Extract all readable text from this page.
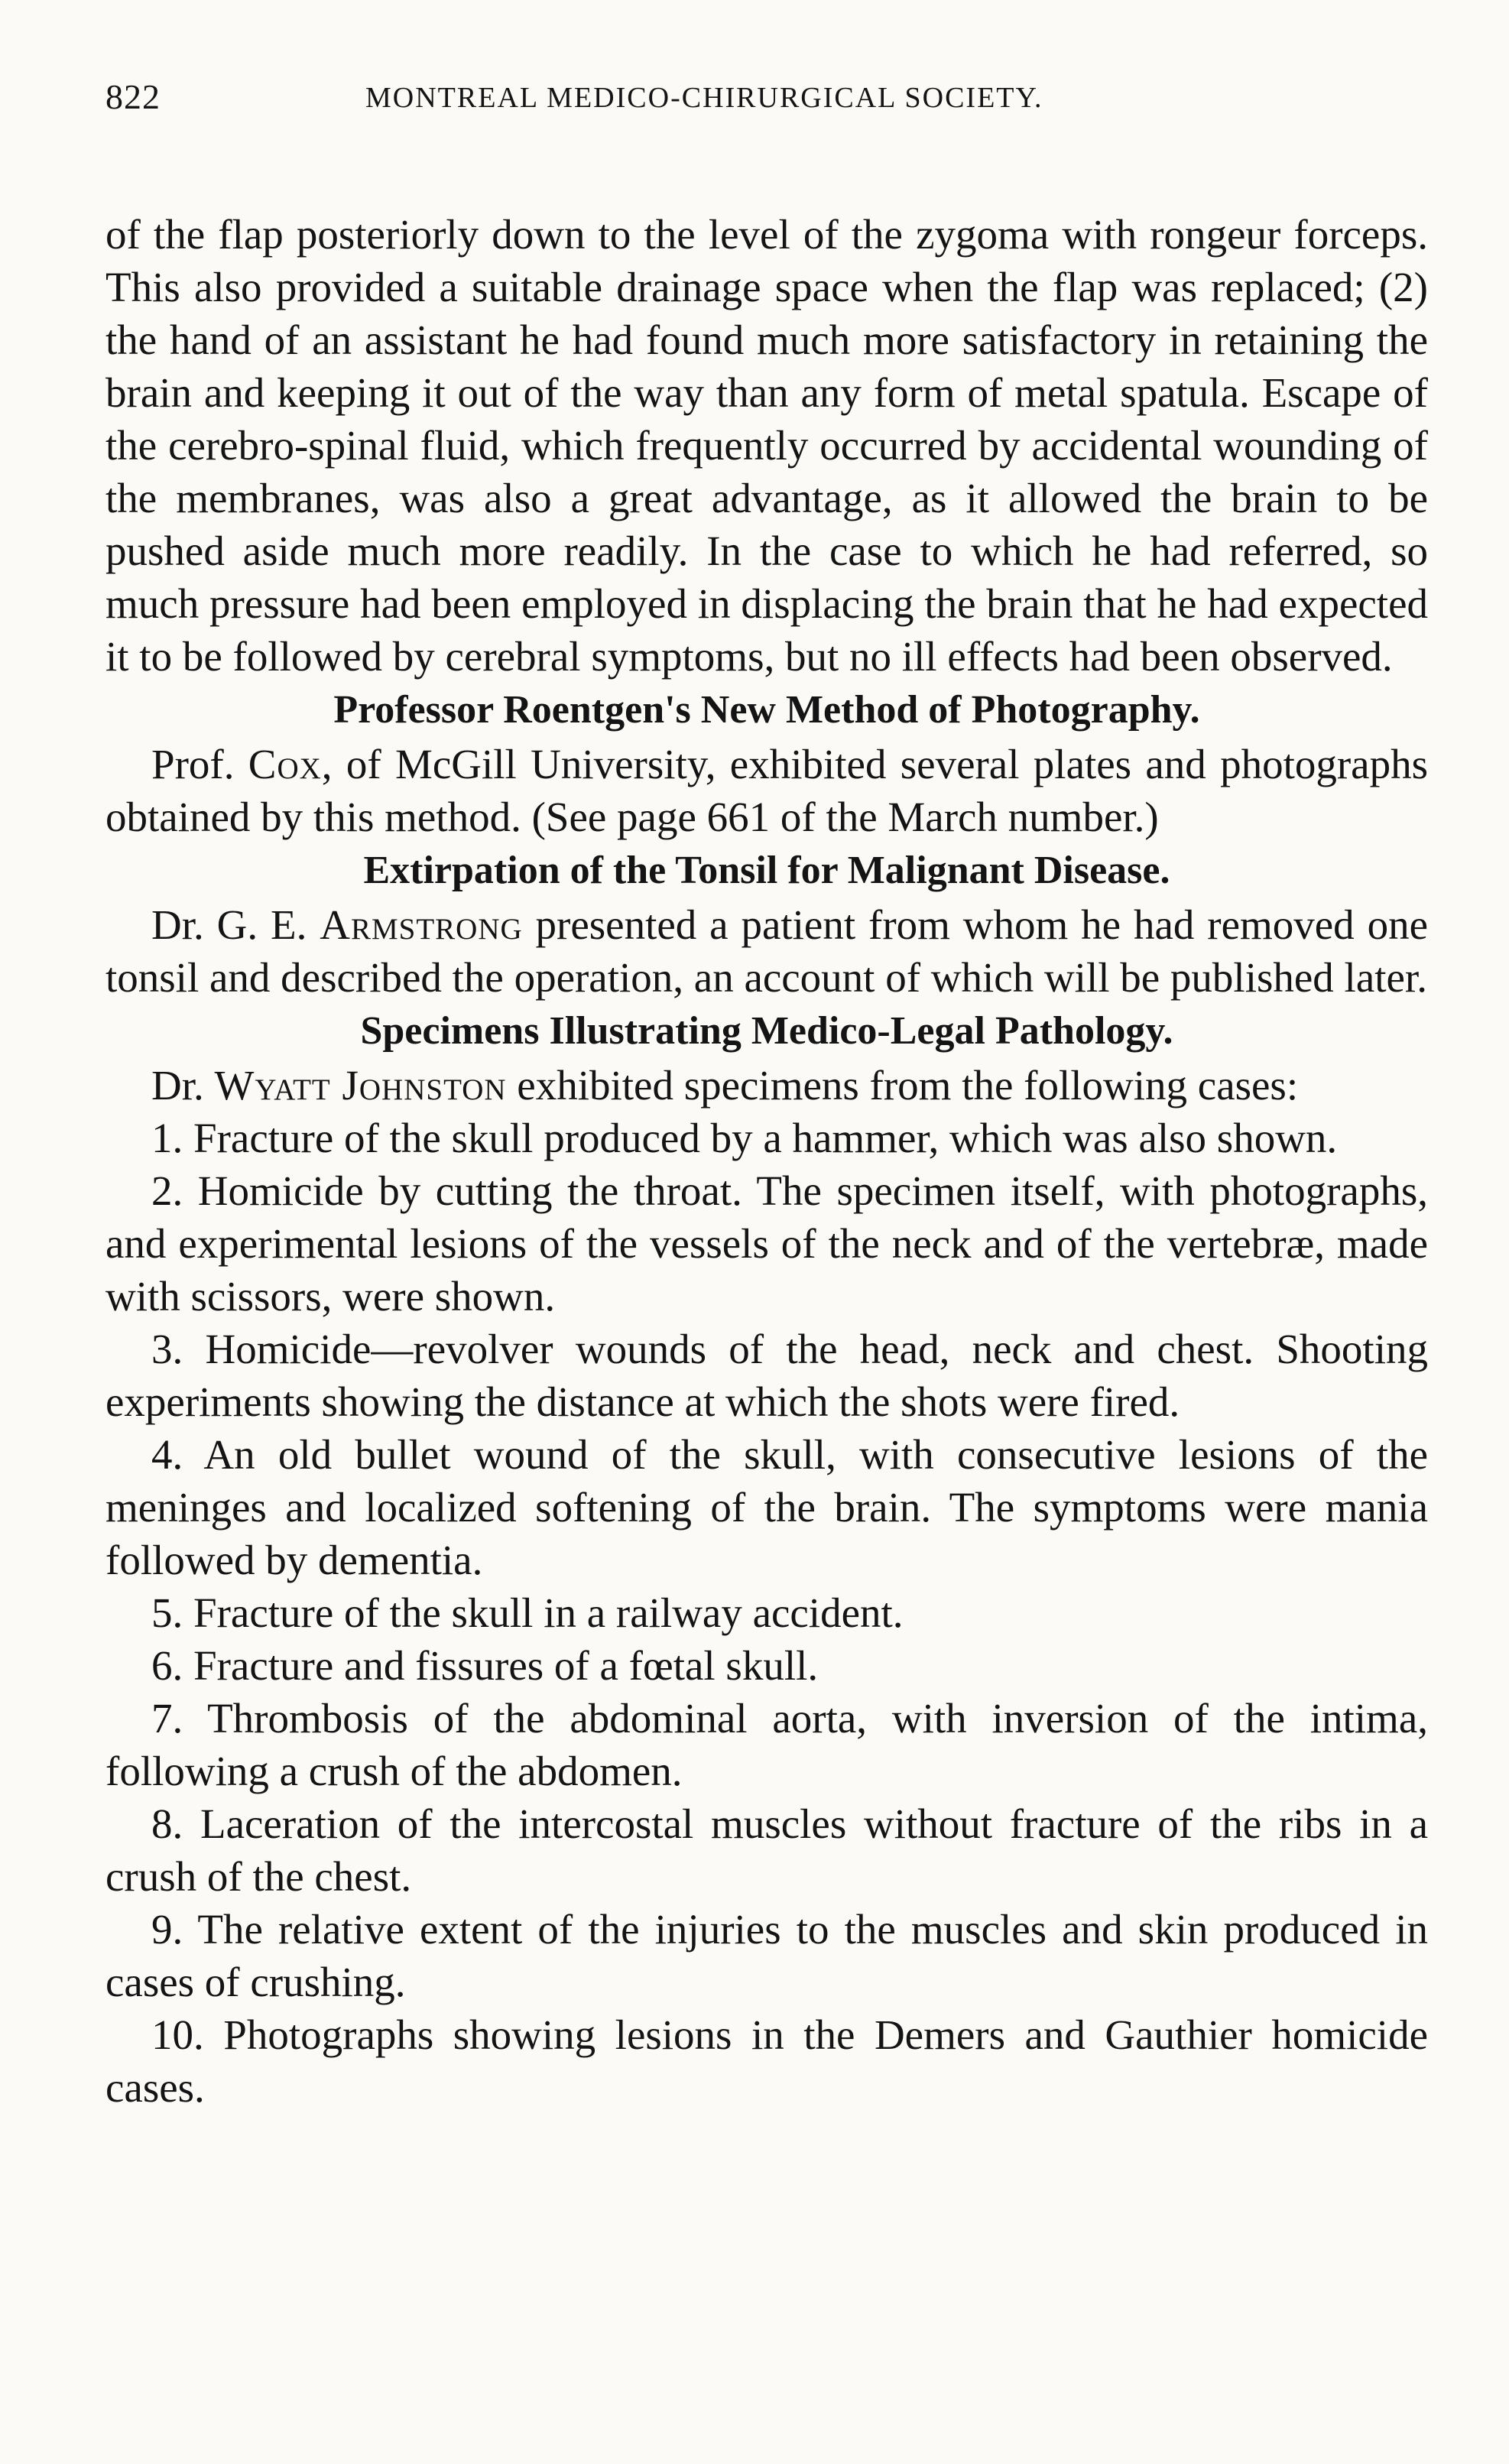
822	MONTREAL MEDICO-CHIRURGICAL SOCIETY.

of the flap posteriorly down to the level of the zygoma with rongeur forceps. This also provided a suitable drainage space when the flap was replaced; (2) the hand of an assistant he had found much more satisfactory in retaining the brain and keeping it out of the way than any form of metal spatula. Escape of the cerebro-spinal fluid, which frequently occurred by accidental wounding of the membranes, was also a great advantage, as it allowed the brain to be pushed aside much more readily. In the case to which he had referred, so much pressure had been employed in displacing the brain that he had expected it to be followed by cerebral symptoms, but no ill effects had been observed.

Professor Roentgen's New Method of Photography.

Prof. Cox, of McGill University, exhibited several plates and photographs obtained by this method. (See page 661 of the March number.)

Extirpation of the Tonsil for Malignant Disease.

Dr. G. E. Armstrong presented a patient from whom he had removed one tonsil and described the operation, an account of which will be published later.

Specimens Illustrating Medico-Legal Pathology.

Dr. Wyatt Johnston exhibited specimens from the following cases:

1. Fracture of the skull produced by a hammer, which was also shown.

2. Homicide by cutting the throat. The specimen itself, with photographs, and experimental lesions of the vessels of the neck and of the vertebræ, made with scissors, were shown.

3. Homicide—revolver wounds of the head, neck and chest. Shooting experiments showing the distance at which the shots were fired.

4. An old bullet wound of the skull, with consecutive lesions of the meninges and localized softening of the brain. The symptoms were mania followed by dementia.

5. Fracture of the skull in a railway accident.

6. Fracture and fissures of a fœtal skull.

7. Thrombosis of the abdominal aorta, with inversion of the intima, following a crush of the abdomen.

8. Laceration of the intercostal muscles without fracture of the ribs in a crush of the chest.

9. The relative extent of the injuries to the muscles and skin produced in cases of crushing.

10. Photographs showing lesions in the Demers and Gauthier homicide cases.
